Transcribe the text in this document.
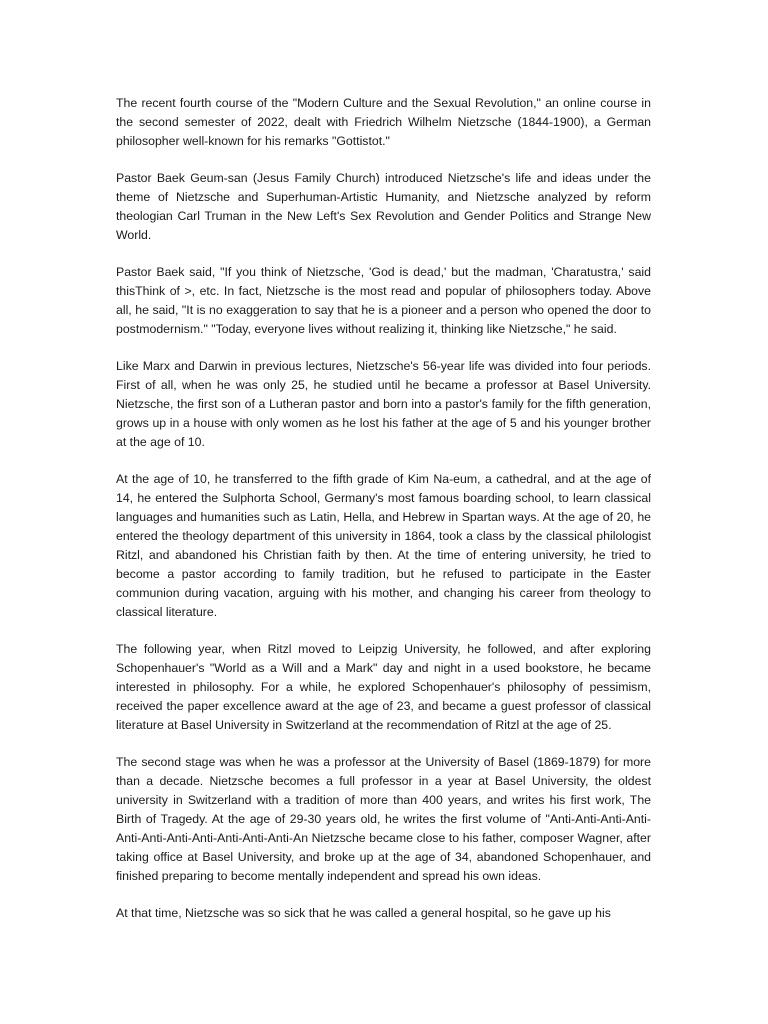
The recent fourth course of the "Modern Culture and the Sexual Revolution," an online course in the second semester of 2022, dealt with Friedrich Wilhelm Nietzsche (1844-1900), a German philosopher well-known for his remarks "Gottistot."

Pastor Baek Geum-san (Jesus Family Church) introduced Nietzsche's life and ideas under the theme of Nietzsche and Superhuman-Artistic Humanity, and Nietzsche analyzed by reform theologian Carl Truman in the New Left's Sex Revolution and Gender Politics and Strange New World.

Pastor Baek said, "If you think of Nietzsche, 'God is dead,' but the madman, 'Charatustra,' said thisThink of >, etc. In fact, Nietzsche is the most read and popular of philosophers today. Above all, he said, "It is no exaggeration to say that he is a pioneer and a person who opened the door to postmodernism." "Today, everyone lives without realizing it, thinking like Nietzsche," he said.

Like Marx and Darwin in previous lectures, Nietzsche's 56-year life was divided into four periods. First of all, when he was only 25, he studied until he became a professor at Basel University. Nietzsche, the first son of a Lutheran pastor and born into a pastor's family for the fifth generation, grows up in a house with only women as he lost his father at the age of 5 and his younger brother at the age of 10.

At the age of 10, he transferred to the fifth grade of Kim Na-eum, a cathedral, and at the age of 14, he entered the Sulphorta School, Germany's most famous boarding school, to learn classical languages and humanities such as Latin, Hella, and Hebrew in Spartan ways. At the age of 20, he entered the theology department of this university in 1864, took a class by the classical philologist Ritzl, and abandoned his Christian faith by then. At the time of entering university, he tried to become a pastor according to family tradition, but he refused to participate in the Easter communion during vacation, arguing with his mother, and changing his career from theology to classical literature.

The following year, when Ritzl moved to Leipzig University, he followed, and after exploring Schopenhauer's "World as a Will and a Mark" day and night in a used bookstore, he became interested in philosophy. For a while, he explored Schopenhauer's philosophy of pessimism, received the paper excellence award at the age of 23, and became a guest professor of classical literature at Basel University in Switzerland at the recommendation of Ritzl at the age of 25.

The second stage was when he was a professor at the University of Basel (1869-1879) for more than a decade. Nietzsche becomes a full professor in a year at Basel University, the oldest university in Switzerland with a tradition of more than 400 years, and writes his first work, The Birth of Tragedy. At the age of 29-30 years old, he writes the first volume of "Anti-Anti-Anti-Anti-Anti-Anti-Anti-Anti-Anti-Anti-Anti-An Nietzsche became close to his father, composer Wagner, after taking office at Basel University, and broke up at the age of 34, abandoned Schopenhauer, and finished preparing to become mentally independent and spread his own ideas.

At that time, Nietzsche was so sick that he was called a general hospital, so he gave up his
